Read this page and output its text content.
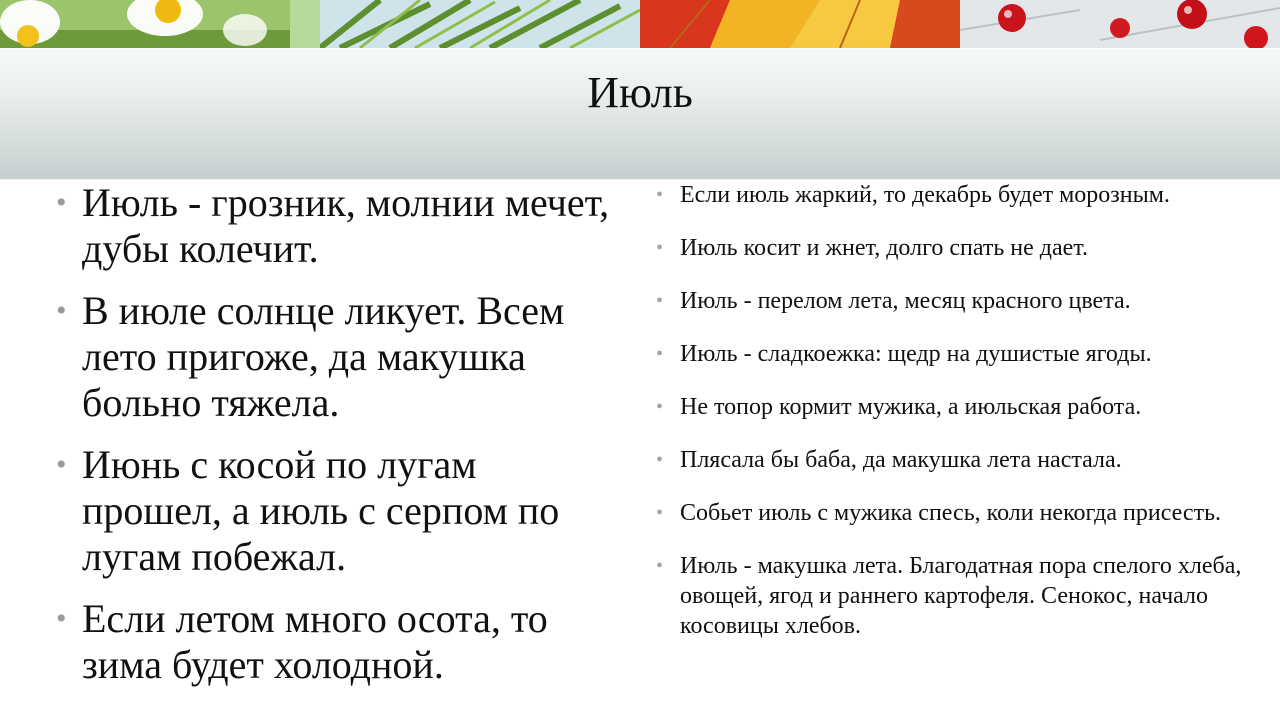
Июль
• Июль - грозник, молнии мечет, дубы колечит.
• В июле солнце ликует. Всем лето пригоже, да макушка больно тяжела.
• Июнь с косой по лугам прошел, а июль с серпом по лугам побежал.
• Если летом много осота, то зима будет холодной.
• Если июль жаркий, то декабрь будет морозным.
• Июль косит и жнет, долго спать не дает.
• Июль - перелом лета, месяц красного цвета.
• Июль - сладкоежка: щедр на душистые ягоды.
• Не топор кормит мужика, а июльская работа.
• Плясала бы баба, да макушка лета настала.
• Собьет июль с мужика спесь, коли некогда присесть.
• Июль - макушка лета. Благодатная пора спелого хлеба, овощей, ягод и раннего картофеля. Сенокос, начало косовицы хлебов.
